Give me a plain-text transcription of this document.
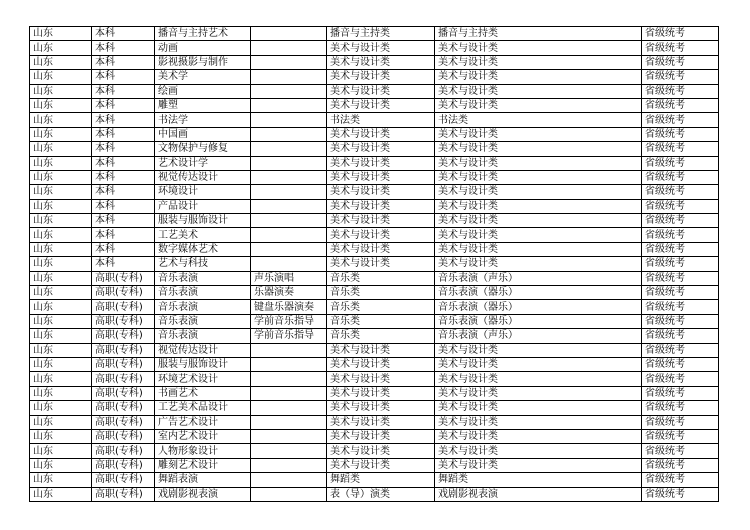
山东	本科	播音与主持艺术		播音与主持类	播音与主持类	省级统考
山东	本科	动画		美术与设计类	美术与设计类	省级统考
山东	本科	影视摄影与制作		美术与设计类	美术与设计类	省级统考
山东	本科	美术学		美术与设计类	美术与设计类	省级统考
山东	本科	绘画		美术与设计类	美术与设计类	省级统考
山东	本科	雕塑		美术与设计类	美术与设计类	省级统考
山东	本科	书法学		书法类	书法类	省级统考
山东	本科	中国画		美术与设计类	美术与设计类	省级统考
山东	本科	文物保护与修复		美术与设计类	美术与设计类	省级统考
山东	本科	艺术设计学		美术与设计类	美术与设计类	省级统考
山东	本科	视觉传达设计		美术与设计类	美术与设计类	省级统考
山东	本科	环境设计		美术与设计类	美术与设计类	省级统考
山东	本科	产品设计		美术与设计类	美术与设计类	省级统考
山东	本科	服装与服饰设计		美术与设计类	美术与设计类	省级统考
山东	本科	工艺美术		美术与设计类	美术与设计类	省级统考
山东	本科	数字媒体艺术		美术与设计类	美术与设计类	省级统考
山东	本科	艺术与科技		美术与设计类	美术与设计类	省级统考
山东	高职(专科)	音乐表演	声乐演唱	音乐类	音乐表演（声乐）	省级统考
山东	高职(专科)	音乐表演	乐器演奏	音乐类	音乐表演（器乐）	省级统考
山东	高职(专科)	音乐表演	键盘乐器演奏	音乐类	音乐表演（器乐）	省级统考
山东	高职(专科)	音乐表演	学前音乐指导	音乐类	音乐表演（器乐）	省级统考
山东	高职(专科)	音乐表演	学前音乐指导	音乐类	音乐表演（声乐）	省级统考
山东	高职(专科)	视觉传达设计		美术与设计类	美术与设计类	省级统考
山东	高职(专科)	服装与服饰设计		美术与设计类	美术与设计类	省级统考
山东	高职(专科)	环境艺术设计		美术与设计类	美术与设计类	省级统考
山东	高职(专科)	书画艺术		美术与设计类	美术与设计类	省级统考
山东	高职(专科)	工艺美术品设计		美术与设计类	美术与设计类	省级统考
山东	高职(专科)	广告艺术设计		美术与设计类	美术与设计类	省级统考
山东	高职(专科)	室内艺术设计		美术与设计类	美术与设计类	省级统考
山东	高职(专科)	人物形象设计		美术与设计类	美术与设计类	省级统考
山东	高职(专科)	雕刻艺术设计		美术与设计类	美术与设计类	省级统考
山东	高职(专科)	舞蹈表演		舞蹈类	舞蹈类	省级统考
山东	高职(专科)	戏剧影视表演		表（导）演类	戏剧影视表演	省级统考
